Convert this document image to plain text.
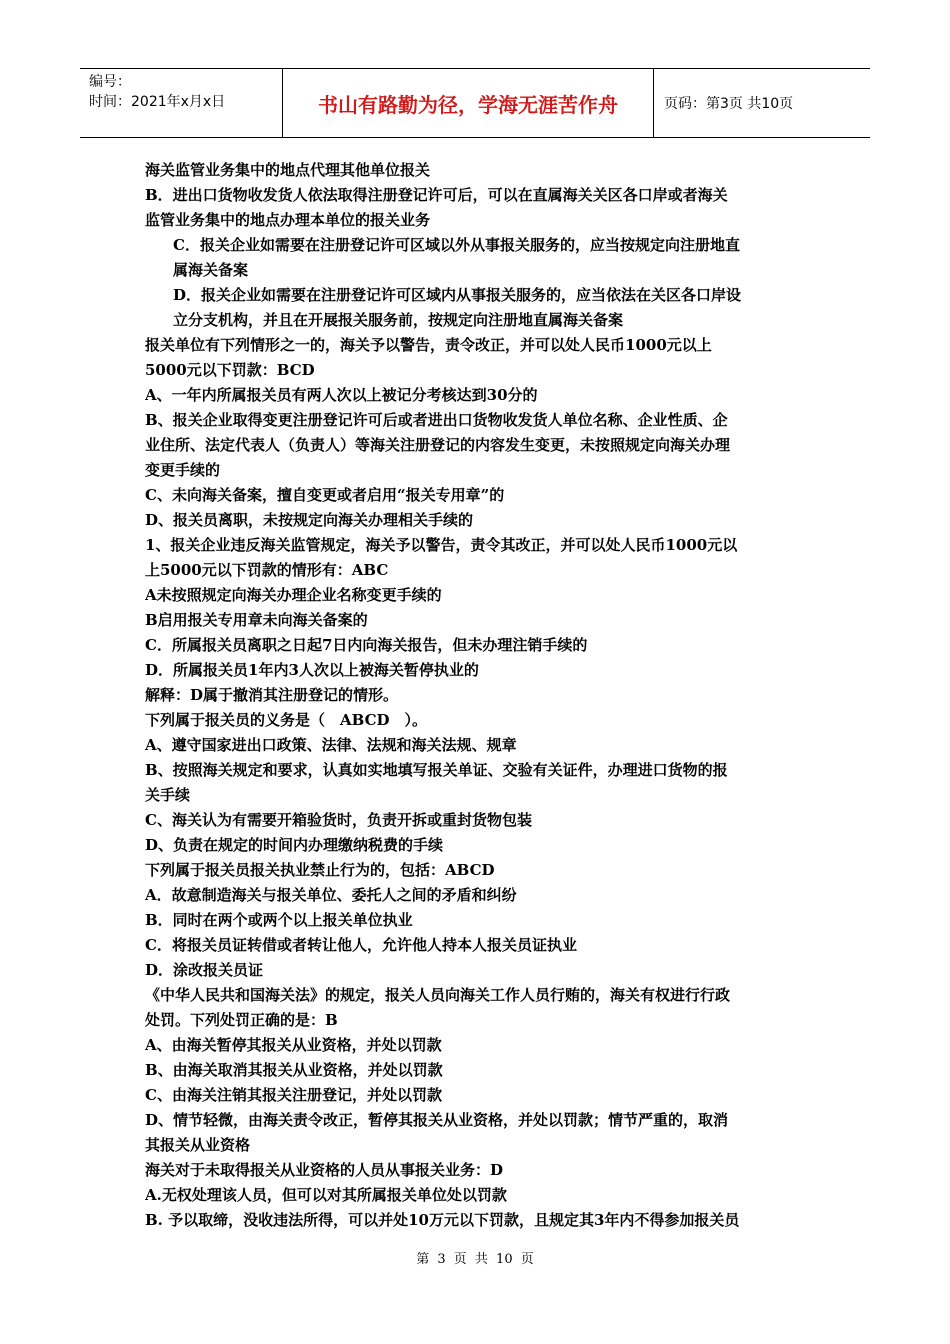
编号：
时间：2021年x月x日	书山有路勤为径，学海无涯苦作舟	页码：第3页 共10页
海关监管业务集中的地点代理其他单位报关
B．进出口货物收发货人依法取得注册登记许可后，可以在直属海关关区各口岸或者海关
监管业务集中的地点办理本单位的报关业务
C．报关企业如需要在注册登记许可区域以外从事报关服务的，应当按规定向注册地直
属海关备案
D．报关企业如需要在注册登记许可区域内从事报关服务的，应当依法在关区各口岸设
立分支机构，并且在开展报关服务前，按规定向注册地直属海关备案
报关单位有下列情形之一的，海关予以警告，责令改正，并可以处人民币1000元以上
5000元以下罚款：BCD
A、一年内所属报关员有两人次以上被记分考核达到30分的
B、报关企业取得变更注册登记许可后或者进出口货物收发货人单位名称、企业性质、企
业住所、法定代表人（负责人）等海关注册登记的内容发生变更，未按照规定向海关办理
变更手续的
C、未向海关备案，擅自变更或者启用“报关专用章”的
D、报关员离职，未按规定向海关办理相关手续的
1、报关企业违反海关监管规定，海关予以警告，责令其改正，并可以处人民币1000元以
上5000元以下罚款的情形有：ABC
A未按照规定向海关办理企业名称变更手续的
B启用报关专用章未向海关备案的
C．所属报关员离职之日起7日内向海关报告，但未办理注销手续的
D．所属报关员1年内3人次以上被海关暂停执业的
解释：D属于撤消其注册登记的情形。
下列属于报关员的义务是（　ABCD　）。
A、遵守国家进出口政策、法律、法规和海关法规、规章
B、按照海关规定和要求，认真如实地填写报关单证、交验有关证件，办理进口货物的报
关手续
C、海关认为有需要开箱验货时，负责开拆或重封货物包装
D、负责在规定的时间内办理缴纳税费的手续
下列属于报关员报关执业禁止行为的，包括：ABCD
A．故意制造海关与报关单位、委托人之间的矛盾和纠纷
B．同时在两个或两个以上报关单位执业
C．将报关员证转借或者转让他人，允许他人持本人报关员证执业
D．涂改报关员证
《中华人民共和国海关法》的规定，报关人员向海关工作人员行贿的，海关有权进行行政
处罚。下列处罚正确的是：B
A、由海关暂停其报关从业资格，并处以罚款
B、由海关取消其报关从业资格，并处以罚款
C、由海关注销其报关注册登记，并处以罚款
D、情节轻微，由海关责令改正，暂停其报关从业资格，并处以罚款；情节严重的，取消
其报关从业资格
海关对于未取得报关从业资格的人员从事报关业务：D
A.无权处理该人员，但可以对其所属报关单位处以罚款
B. 予以取缔，没收违法所得，可以并处10万元以下罚款，且规定其3年内不得参加报关员
第 3 页 共 10 页
